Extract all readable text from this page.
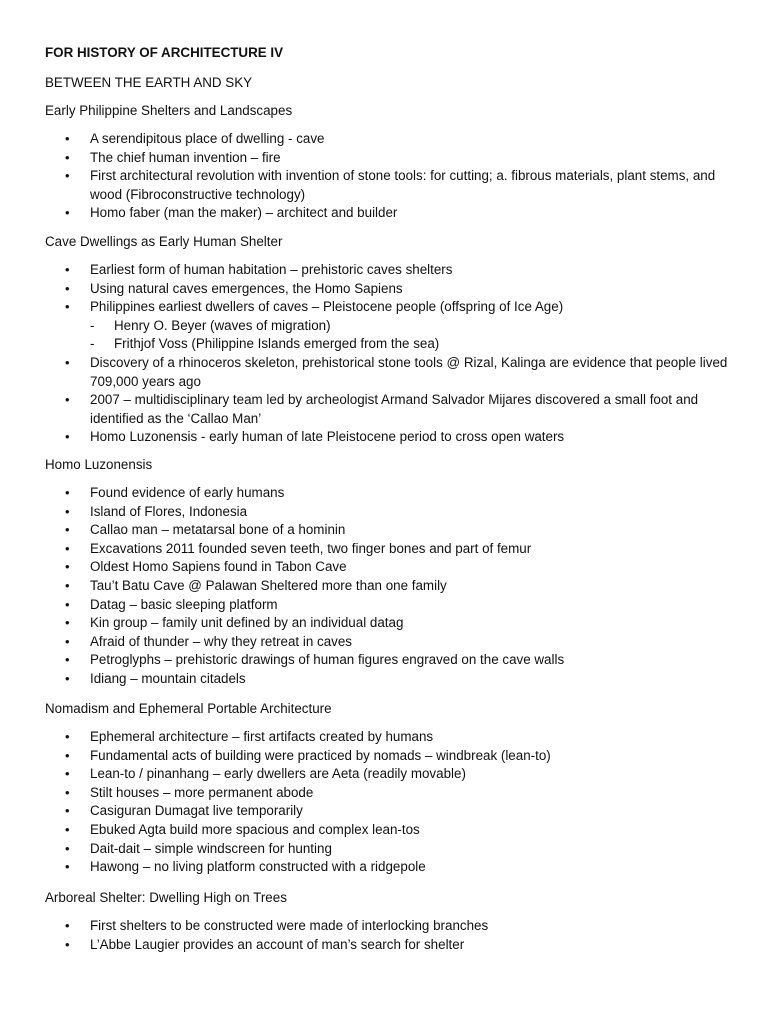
FOR HISTORY OF ARCHITECTURE IV

BETWEEN THE EARTH AND SKY

Early Philippine Shelters and Landscapes

• A serendipitous place of dwelling - cave
• The chief human invention – fire
• First architectural revolution with invention of stone tools: for cutting; a. fibrous materials, plant stems, and wood (Fibroconstructive technology)
• Homo faber (man the maker) – architect and builder

Cave Dwellings as Early Human Shelter

• Earliest form of human habitation – prehistoric caves shelters
• Using natural caves emergences, the Homo Sapiens
• Philippines earliest dwellers of caves – Pleistocene people (offspring of Ice Age)
- Henry O. Beyer (waves of migration)
- Frithjof Voss (Philippine Islands emerged from the sea)
• Discovery of a rhinoceros skeleton, prehistorical stone tools @ Rizal, Kalinga are evidence that people lived 709,000 years ago
• 2007 – multidisciplinary team led by archeologist Armand Salvador Mijares discovered a small foot and identified as the ‘Callao Man’
• Homo Luzonensis - early human of late Pleistocene period to cross open waters

Homo Luzonensis

• Found evidence of early humans
• Island of Flores, Indonesia
• Callao man – metatarsal bone of a hominin
• Excavations 2011 founded seven teeth, two finger bones and part of femur
• Oldest Homo Sapiens found in Tabon Cave
• Tau’t Batu Cave @ Palawan Sheltered more than one family
• Datag – basic sleeping platform
• Kin group – family unit defined by an individual datag
• Afraid of thunder – why they retreat in caves
• Petroglyphs – prehistoric drawings of human figures engraved on the cave walls
• Idiang – mountain citadels

Nomadism and Ephemeral Portable Architecture

• Ephemeral architecture – first artifacts created by humans
• Fundamental acts of building were practiced by nomads – windbreak (lean-to)
• Lean-to / pinanhang – early dwellers are Aeta (readily movable)
• Stilt houses – more permanent abode
• Casiguran Dumagat live temporarily
• Ebuked Agta build more spacious and complex lean-tos
• Dait-dait – simple windscreen for hunting
• Hawong – no living platform constructed with a ridgepole

Arboreal Shelter: Dwelling High on Trees

• First shelters to be constructed were made of interlocking branches
• L’Abbe Laugier provides an account of man’s search for shelter
